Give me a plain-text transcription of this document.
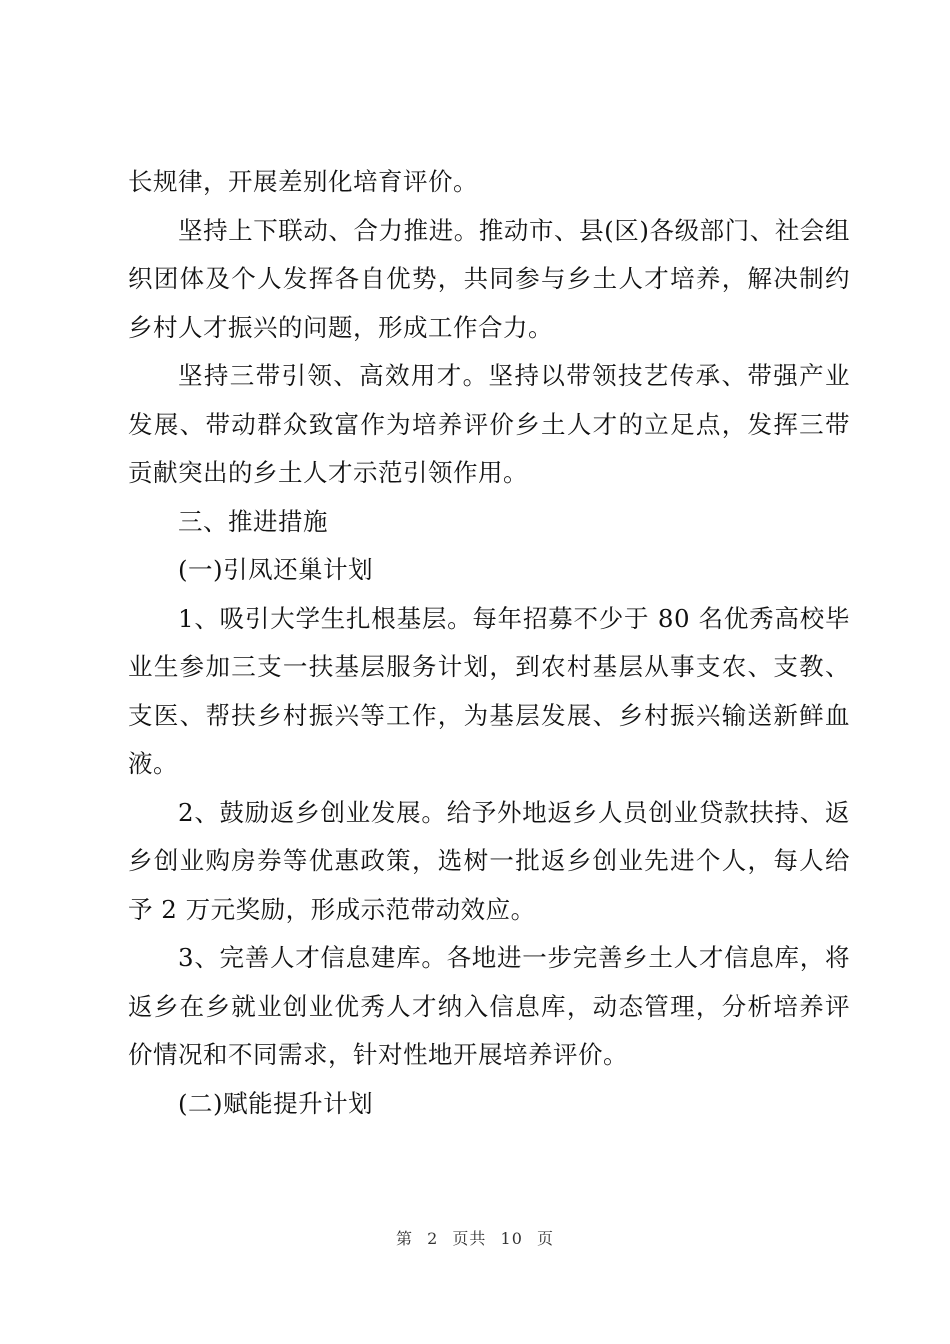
长规律，开展差别化培育评价。

坚持上下联动、合力推进。推动市、县(区)各级部门、社会组织团体及个人发挥各自优势，共同参与乡土人才培养，解决制约乡村人才振兴的问题，形成工作合力。

坚持三带引领、高效用才。坚持以带领技艺传承、带强产业发展、带动群众致富作为培养评价乡土人才的立足点，发挥三带贡献突出的乡土人才示范引领作用。

三、推进措施

(一)引凤还巢计划

1、吸引大学生扎根基层。每年招募不少于 80 名优秀高校毕业生参加三支一扶基层服务计划，到农村基层从事支农、支教、支医、帮扶乡村振兴等工作，为基层发展、乡村振兴输送新鲜血液。

2、鼓励返乡创业发展。给予外地返乡人员创业贷款扶持、返乡创业购房券等优惠政策，选树一批返乡创业先进个人，每人给予 2 万元奖励，形成示范带动效应。

3、完善人才信息建库。各地进一步完善乡土人才信息库，将返乡在乡就业创业优秀人才纳入信息库，动态管理，分析培养评价情况和不同需求，针对性地开展培养评价。

(二)赋能提升计划

第 2 页共 10 页
